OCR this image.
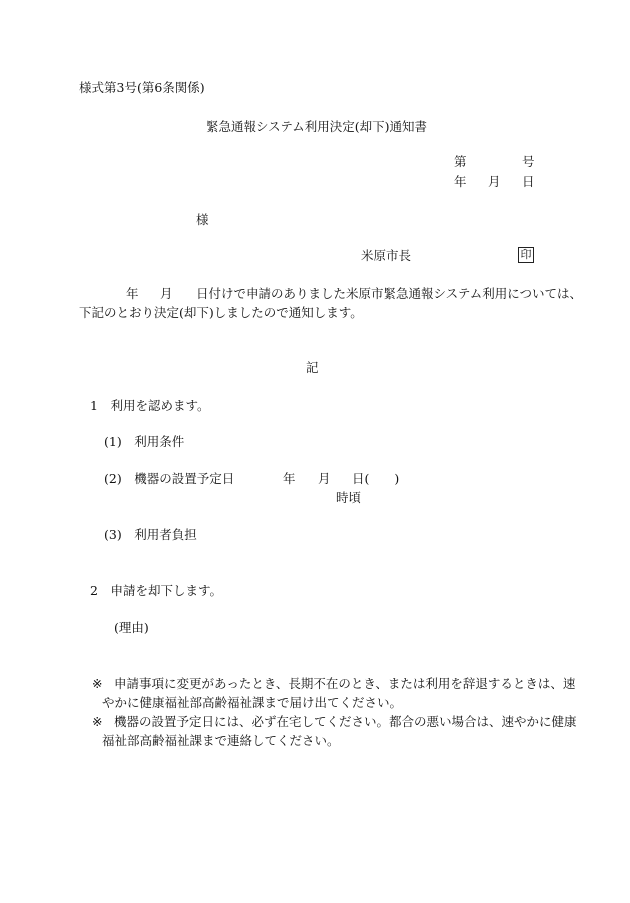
様式第3号(第6条関係)
緊急通報システム利用決定(却下)通知書
第	号
年 月 日
様
米原市長	印
年 月 日付けで申請のありました米原市緊急通報システム利用については、
下記のとおり決定(却下)しましたので通知します。
記
1　利用を認めます。
(1)　利用条件
(2)　機器の設置予定日	年 月 日(　　)
時頃
(3)　利用者負担
2　申請を却下します。
(理由)
※ 申請事項に変更があったとき、長期不在のとき、または利用を辞退するときは、速
やかに健康福祉部高齢福祉課まで届け出てください。
※ 機器の設置予定日には、必ず在宅してください。都合の悪い場合は、速やかに健康
福祉部高齢福祉課まで連絡してください。
